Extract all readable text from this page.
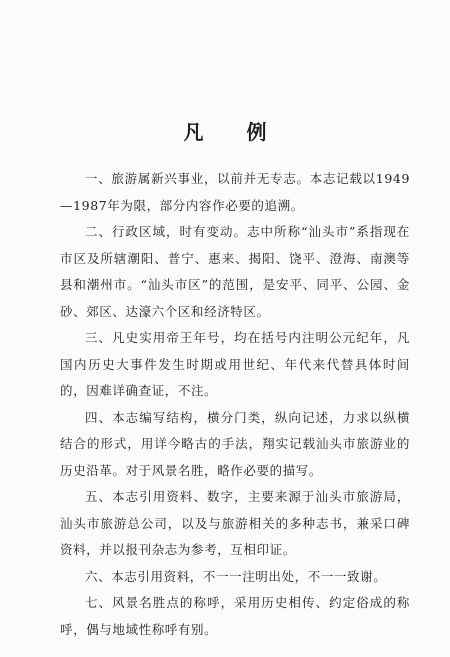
凡 例

一、旅游属新兴事业，以前并无专志。本志记载以1949—1987年为限，部分内容作必要的追溯。

二、行政区域，时有变动。志中所称“汕头市”系指现在市区及所辖潮阳、普宁、惠来、揭阳、饶平、澄海、南澳等县和潮州市。“汕头市区”的范围，是安平、同平、公园、金砂、郊区、达濠六个区和经济特区。

三、凡史实用帝王年号，均在括号内注明公元纪年，凡国内历史大事件发生时期或用世纪、年代来代替具体时间的，因难详确查证，不注。

四、本志编写结构，横分门类，纵向记述，力求以纵横结合的形式，用详今略古的手法，翔实记载汕头市旅游业的历史沿革。对于风景名胜，略作必要的描写。

五、本志引用资料、数字，主要来源于汕头市旅游局，汕头市旅游总公司，以及与旅游相关的多种志书，兼采口碑资料，并以报刊杂志为参考，互相印证。

六、本志引用资料，不一一注明出处，不一一致谢。

七、风景名胜点的称呼，采用历史相传、约定俗成的称呼，偶与地域性称呼有别。
